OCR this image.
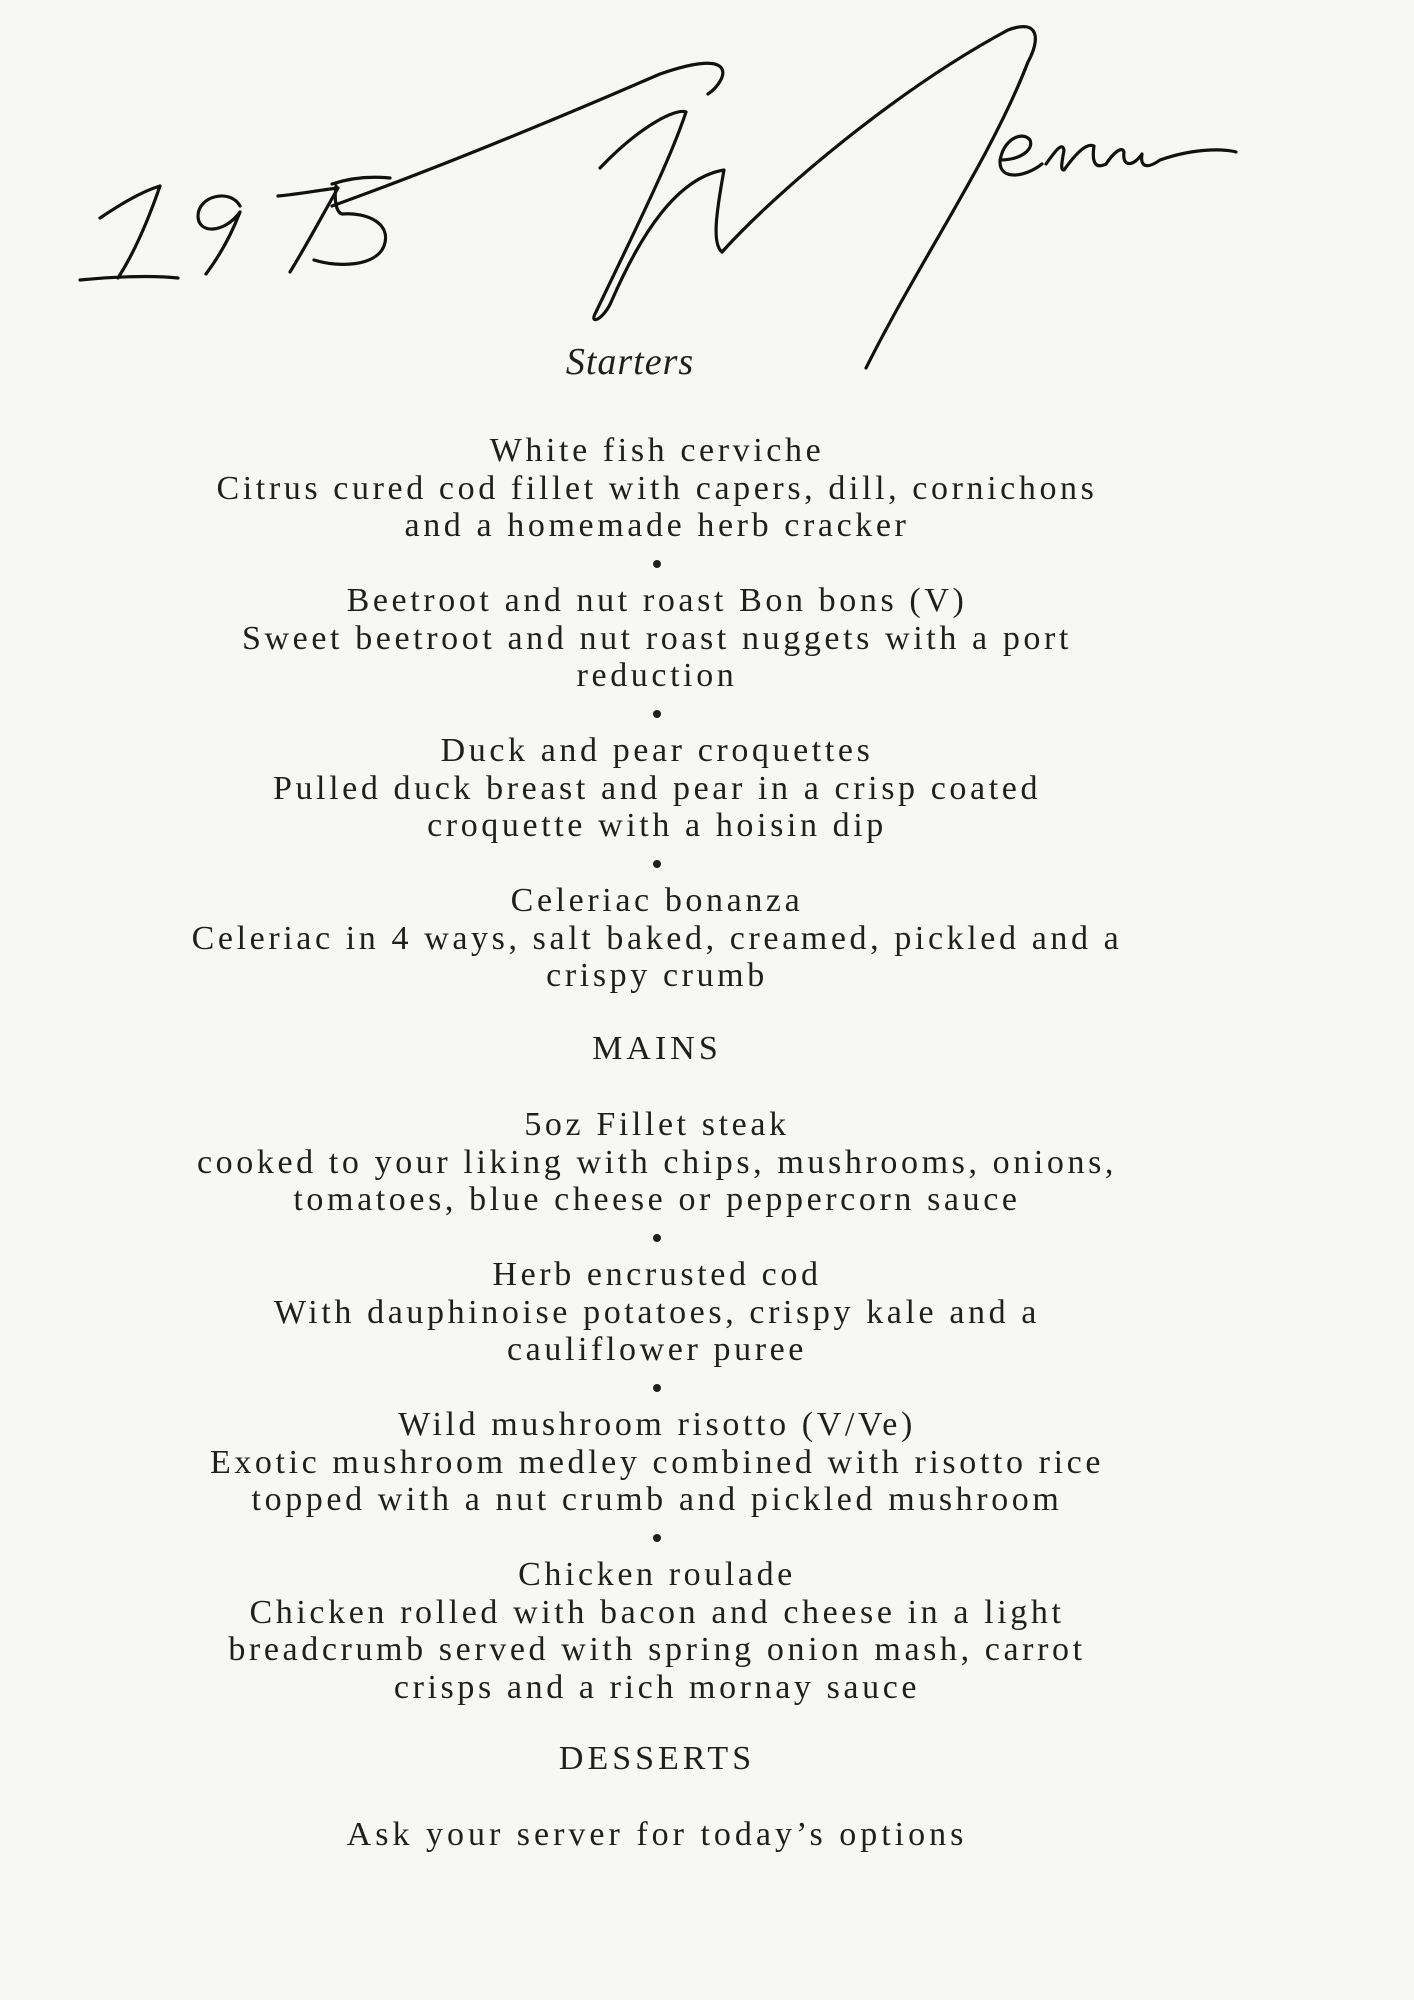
Starters
White fish cerviche
Citrus cured cod fillet with capers, dill, cornichons
and a homemade herb cracker
Beetroot and nut roast Bon bons (V)
Sweet beetroot and nut roast nuggets with a port
reduction
Duck and pear croquettes
Pulled duck breast and pear in a crisp coated
croquette with a hoisin dip
Celeriac bonanza
Celeriac in 4 ways, salt baked, creamed, pickled and a
crispy crumb
MAINS
5oz Fillet steak
cooked to your liking with chips, mushrooms, onions,
tomatoes, blue cheese or peppercorn sauce
Herb encrusted cod
With dauphinoise potatoes, crispy kale and a
cauliflower puree
Wild mushroom risotto (V/Ve)
Exotic mushroom medley combined with risotto rice
topped with a nut crumb and pickled mushroom
Chicken roulade
Chicken rolled with bacon and cheese in a light
breadcrumb served with spring onion mash, carrot
crisps and a rich mornay sauce
DESSERTS
Ask your server for today’s options
